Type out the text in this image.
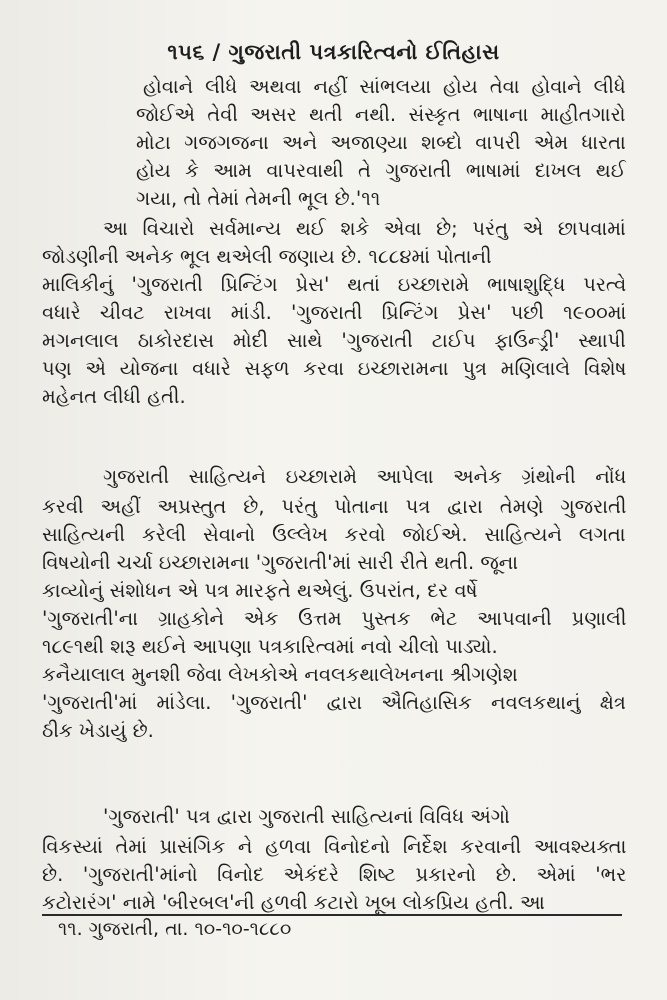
૧૫૬ / ગુજરાતી પત્રકારિત્વનો ઈતિહાસ
હોવાને લીધે અથવા નહીં સાંભલયા હોય તેવા હોવાને લીધે
જોઈએ તેવી અસર થતી નથી. સંસ્કૃત ભાષાના માહીતગારો
મોટા ગજગજના અને અજાણ્યા શબ્દો વાપરી એમ ધારતા
હોય કે આમ વાપરવાથી તે ગુજરાતી ભાષામાં દાખલ થઈ
ગયા, તો તેમાં તેમની ભૂલ છે.'૧૧
આ વિચારો સર્વમાન્ય થઈ શકે એવા છે; પરંતુ એ છાપવામાં
જોડણીની અનેક ભૂલ થએલી જણાય છે. ૧૮૮૪માં પોતાની
માલિકીનું 'ગુજરાતી પ્રિન્ટિંગ પ્રેસ' થતાં ઇચ્છારામે ભાષાશુદ્ધિ પરત્વે
વધારે ચીવટ રાખવા માંડી. 'ગુજરાતી પ્રિન્ટિંગ પ્રેસ' પછી ૧૯૦૦માં
મગનલાલ ઠાકોરદાસ મોદી સાથે 'ગુજરાતી ટાઈપ ફાઉન્ડ્રી' સ્થાપી
પણ એ યોજના વધારે સફળ કરવા ઇચ્છારામના પુત્ર મણિલાલે વિશેષ
મહેનત લીધી હતી.
ગુજરાતી સાહિત્યને ઇચ્છારામે આપેલા અનેક ગ્રંથોની નોંધ
કરવી અહીં અપ્રસ્તુત છે, પરંતુ પોતાના પત્ર દ્વારા તેમણે ગુજરાતી
સાહિત્યની કરેલી સેવાનો ઉલ્લેખ કરવો જોઈએ. સાહિત્યને લગતા
વિષયોની ચર્ચા ઇચ્છારામના 'ગુજરાતી'માં સારી રીતે થતી. જૂના
કાવ્યોનું સંશોધન એ પત્ર મારફતે થએલું. ઉપરાંત, દર વર્ષે
'ગુજરાતી'ના ગ્રાહકોને એક ઉત્તમ પુસ્તક ભેટ આપવાની પ્રણાલી
૧૮૯૧થી શરૂ થઈને આપણા પત્રકારિત્વમાં નવો ચીલો પાડ્યો.
કનૈયાલાલ મુનશી જેવા લેખકોએ નવલકથાલેખનના શ્રીગણેશ
'ગુજરાતી'માં માંડેલા. 'ગુજરાતી' દ્વારા ઐતિહાસિક નવલકથાનું ક્ષેત્ર
ઠીક ખેડાયું છે.
'ગુજરાતી' પત્ર દ્વારા ગુજરાતી સાહિત્યનાં વિવિધ અંગો
વિકસ્યાં તેમાં પ્રાસંગિક ને હળવા વિનોદનો નિર્દેશ કરવાની આવશ્યક્તા
છે. 'ગુજરાતી'માંનો વિનોદ એકંદરે શિષ્ટ પ્રકારનો છે. એમાં 'ભર
કટોરારંગ' નામે 'બીરબલ'ની હળવી કટારો ખૂબ લોકપ્રિય હતી. આ
૧૧. ગુજરાતી, તા. ૧૦-૧૦-૧૮૮૦
